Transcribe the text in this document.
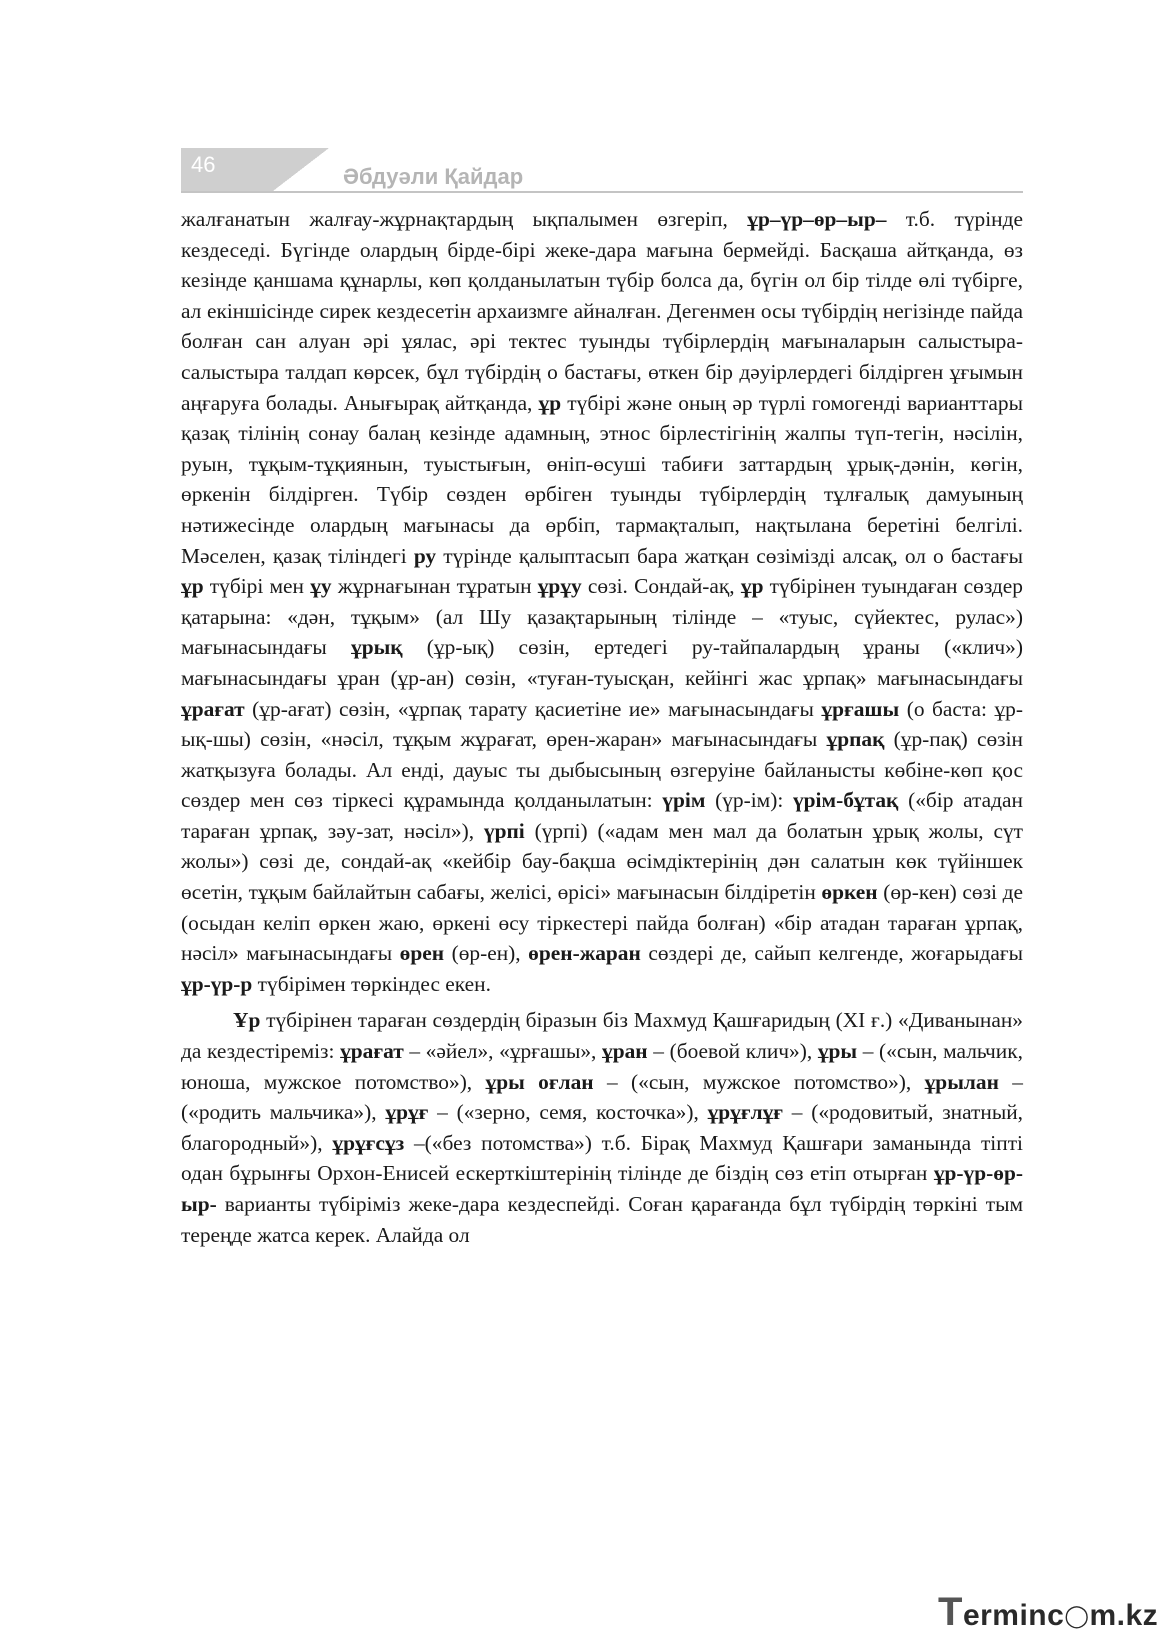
46	Әбдуәли Қайдар

жалғанатын жалғау-жұрнақтардың ықпалымен өзгеріп, ұр–үр–өр–ыр– т.б. түрінде кездеседі. Бүгінде олардың бірде-бірі жеке-дара мағына бермейді. Басқаша айтқанда, өз кезінде қаншама құнарлы, көп қолданылатын түбір болса да, бүгін ол бір тілде өлі түбірге, ал екіншісінде сирек кездесетін архаизмге айналған. Дегенмен осы түбірдің негізінде пайда болған сан алуан әрі ұялас, әрі тектес туынды түбірлердің мағыналарын салыстыра-салыстыра талдап көрсек, бұл түбірдің о бастағы, өткен бір дәуірлердегі білдірген ұғымын аңғаруға болады. Анығырақ айтқанда, ұр түбірі және оның әр түрлі гомогенді варианттары қазақ тілінің сонау балаң кезінде адамның, этнос бірлестігінің жалпы түп-тегін, нәсілін, руын, тұқым-тұқиянын, туыстығын, өніп-өсуші табиғи заттардың ұрық-дәнін, көгін, өркенін білдірген. Түбір сөзден өрбіген туынды түбірлердің тұлғалық дамуының нәтижесінде олардың мағынасы да өрбіп, тармақталып, нақтылана беретіні белгілі. Мәселен, қазақ тіліндегі ру түрінде қалыптасып бара жатқан сөзімізді алсақ, ол о бастағы ұр түбірі мен ұу жұрнағынан тұратын ұрұу сөзі. Сондай-ақ, ұр түбірінен туындаған сөздер қатарына: «дән, тұқым» (ал Шу қазақтарының тілінде – «туыс, сүйектес, рулас») мағынасындағы ұрық (ұр-ық) сөзін, ертедегі ру-тайпалардың ұраны («клич») мағынасындағы ұран (ұр-ан) сөзін, «туған-туысқан, кейінгі жас ұрпақ» мағынасындағы ұрағат (ұр-ағат) сөзін, «ұрпақ тарату қасиетіне ие» мағынасындағы ұрғашы (о баста: ұр-ық-шы) сөзін, «нәсіл, тұқым жұрағат, өрен-жаран» мағынасындағы ұрпақ (ұр-пақ) сөзін жатқызуға болады. Ал енді, дауыс ты дыбысының өзгеруіне байланысты көбіне-көп қос сөздер мен сөз тіркесі құрамында қолданылатын: үрім (үр-ім): үрім-бұтақ («бір атадан тараған ұрпақ, зәу-зат, нәсіл»), үрпі (үрпі) («адам мен мал да болатын ұрық жолы, сүт жолы») сөзі де, сондай-ақ «кейбір бау-бақша өсімдіктерінің дән салатын көк түйіншек өсетін, тұқым байлайтын сабағы, желісі, өрісі» мағынасын білдіретін өркен (өр-кен) сөзі де (осыдан келіп өркен жаю, өркені өсу тіркестері пайда болған) «бір атадан тараған ұрпақ, нәсіл» мағынасындағы өрен (өр-ен), өрен-жаран сөздері де, сайып келгенде, жоғарыдағы ұр-үр-р түбірімен төркіндес екен.

Ұр түбірінен тараған сөздердің біразын біз Махмуд Қашғаридың (XI ғ.) «Диванынан» да кездестіреміз: ұрағат – «әйел», «ұрғашы», ұран – (боевой клич»), ұры – («сын, мальчик, юноша, мужское потомство»), ұры оғлан – («сын, мужское потомство»), ұрылан – («родить мальчика»), ұрұғ – («зерно, семя, косточка»), ұрұғлұғ – («родовитый, знатный, благородный»), ұрұғсұз –(«без потомства») т.б. Бірақ Махмуд Қашғари заманында тіпті одан бұрынғы Орхон-Енисей ескерткіштерінің тілінде де біздің сөз етіп отырған ұр-үр-өр-ыр- варианты түбіріміз жеке-дара кездеспейді. Соған қарағанда бұл түбірдің төркіні тым тереңде жатса керек. Алайда ол

Terminc◯m.kz
